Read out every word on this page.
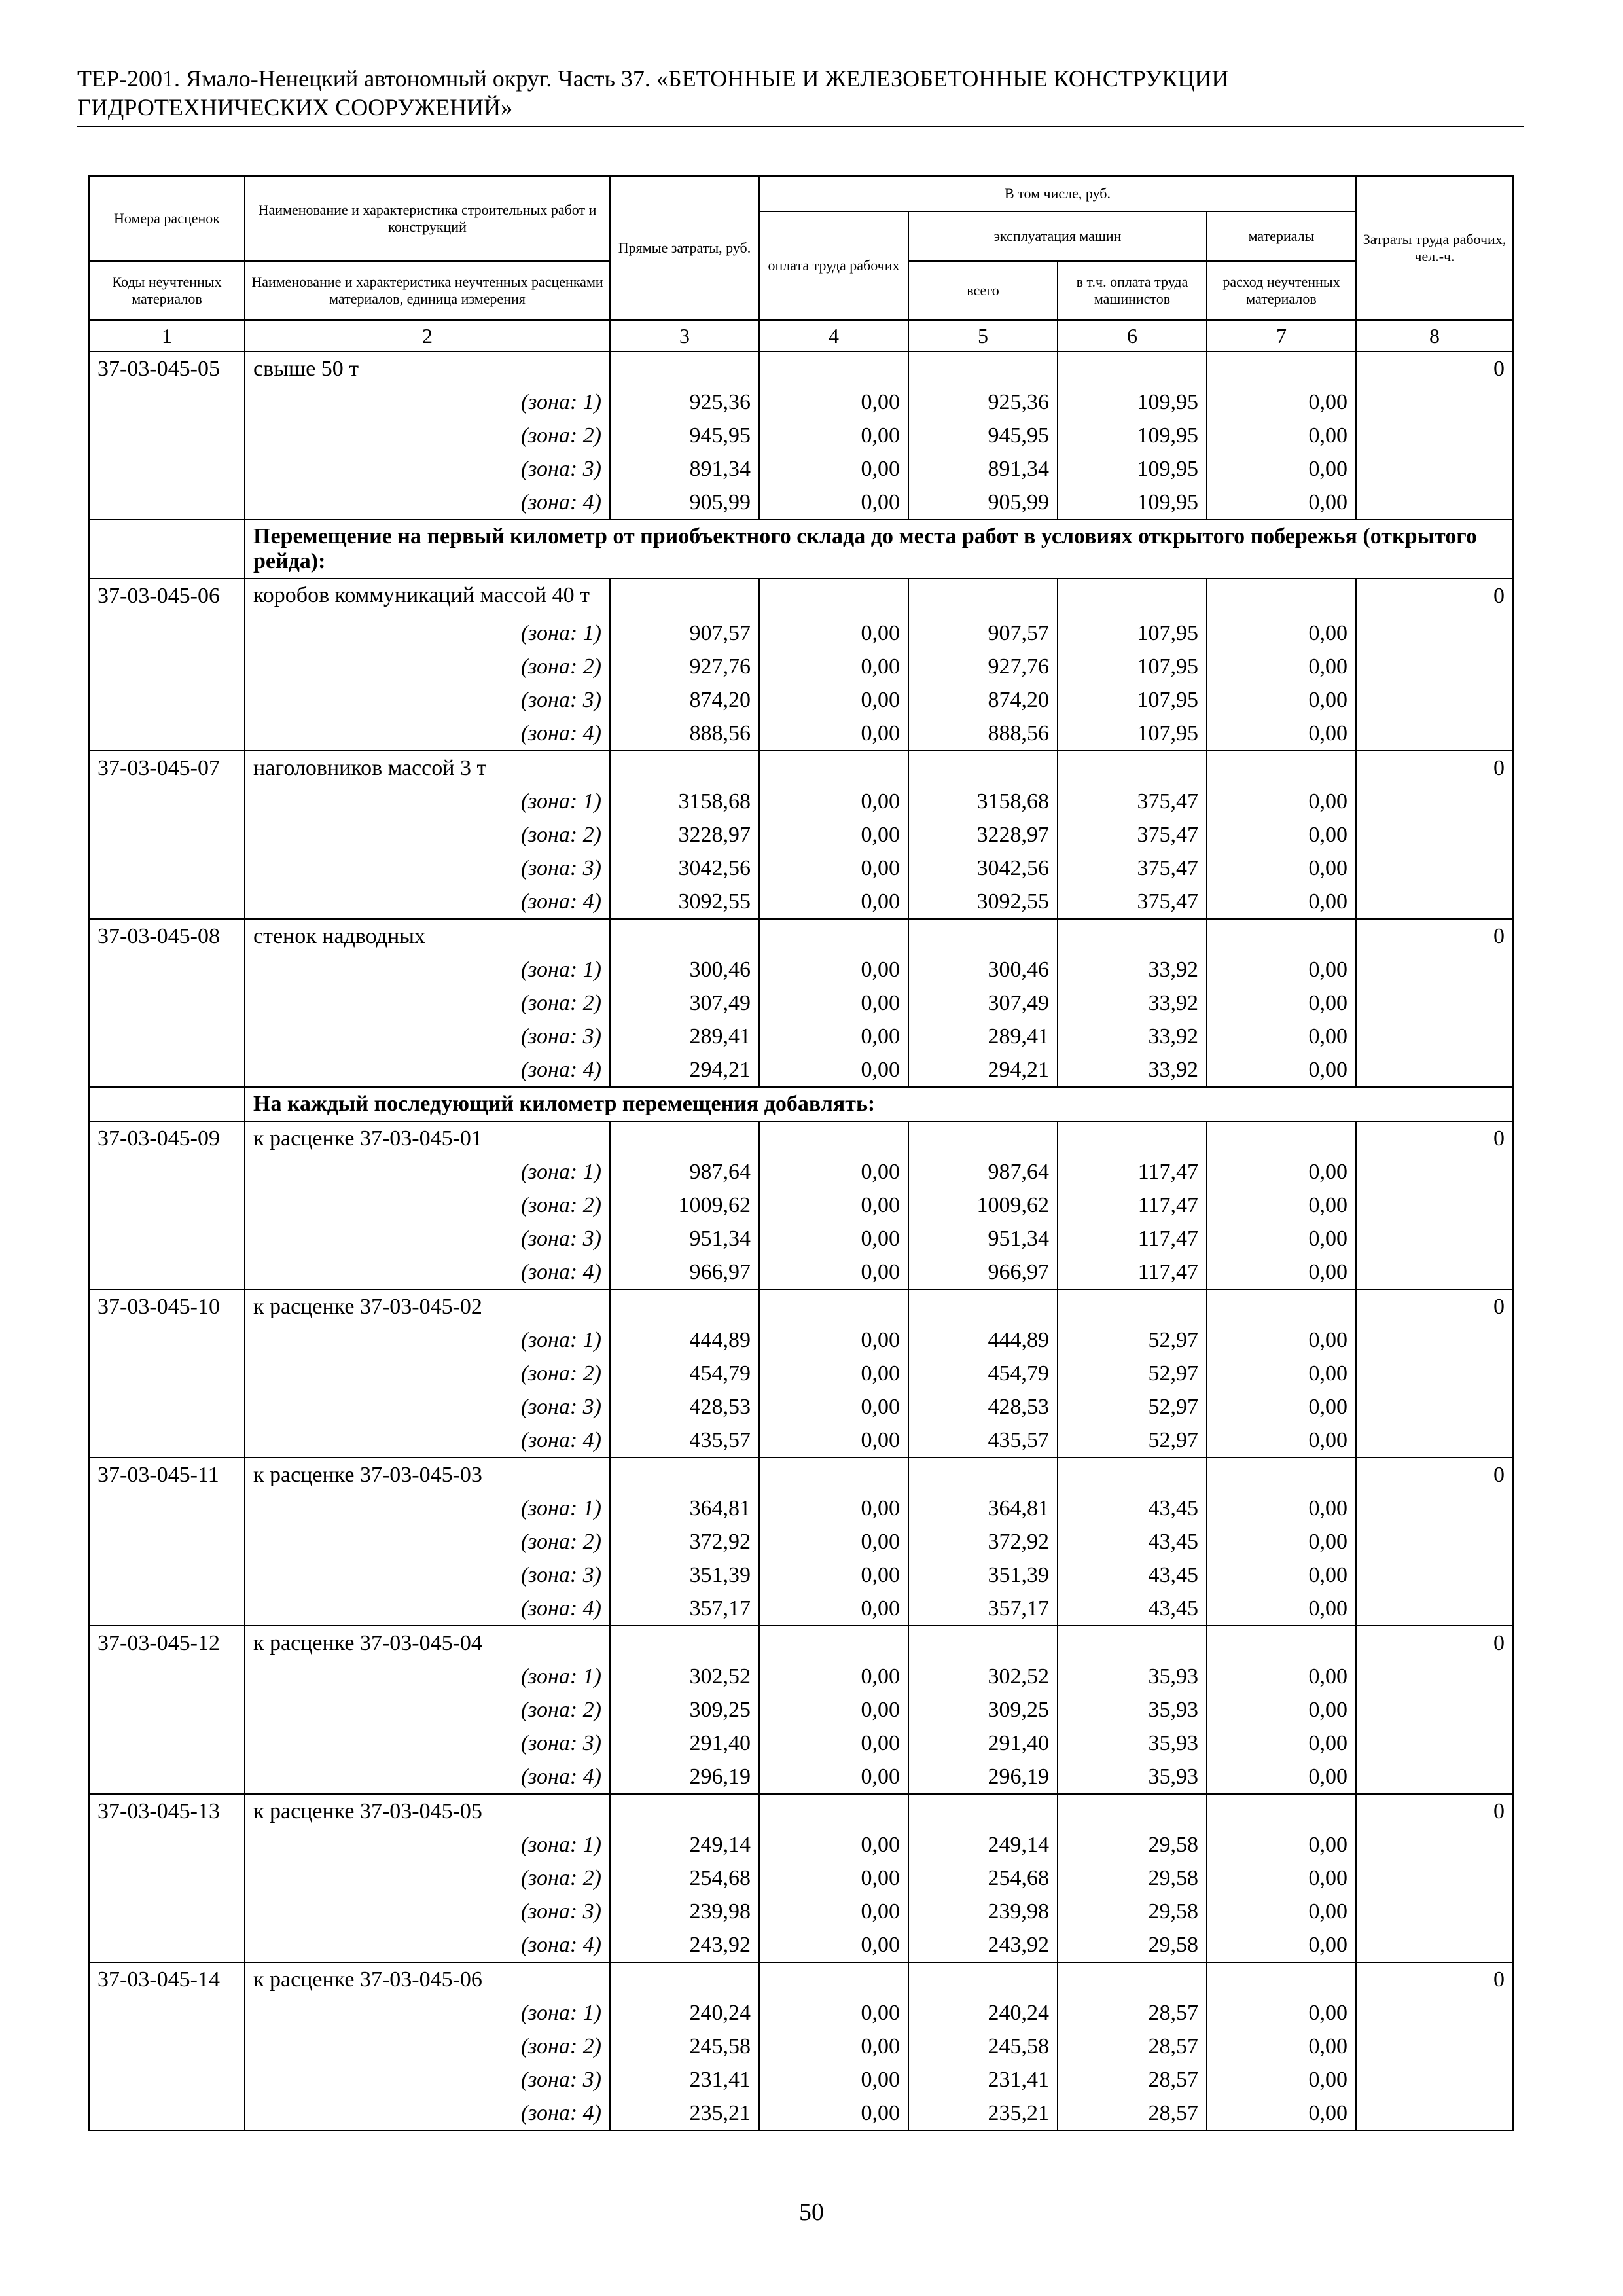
ТЕР-2001. Ямало-Ненецкий автономный округ. Часть 37. «БЕТОННЫЕ И ЖЕЛЕЗОБЕТОННЫЕ КОНСТРУКЦИИ
ГИДРОТЕХНИЧЕСКИХ СООРУЖЕНИЙ»
Номера расценок	Наименование и характеристика строительных работ и конструкций	Прямые затраты, руб.	В том числе, руб.				Затраты труда рабочих, чел.-ч.
			оплата труда рабочих	эксплуатация машин		материалы	
Коды неучтенных материалов	Наименование и характеристика неучтенных расценками материалов, единица измерения			всего	в т.ч. оплата труда машинистов	расход неучтенных материалов	
1	2	3	4	5	6	7	8
37-03-045-05	свыше 50 т						0
	(зона: 1)	925,36	0,00	925,36	109,95	0,00	
	(зона: 2)	945,95	0,00	945,95	109,95	0,00	
	(зона: 3)	891,34	0,00	891,34	109,95	0,00	
	(зона: 4)	905,99	0,00	905,99	109,95	0,00	
	Перемещение на первый километр от приобъектного склада до места работ в условиях открытого побережья (открытого рейда):						
37-03-045-06	коробов коммуникаций массой 40 т						0
	(зона: 1)	907,57	0,00	907,57	107,95	0,00	
	(зона: 2)	927,76	0,00	927,76	107,95	0,00	
	(зона: 3)	874,20	0,00	874,20	107,95	0,00	
	(зона: 4)	888,56	0,00	888,56	107,95	0,00	
37-03-045-07	наголовников массой 3 т						0
	(зона: 1)	3158,68	0,00	3158,68	375,47	0,00	
	(зона: 2)	3228,97	0,00	3228,97	375,47	0,00	
	(зона: 3)	3042,56	0,00	3042,56	375,47	0,00	
	(зона: 4)	3092,55	0,00	3092,55	375,47	0,00	
37-03-045-08	стенок надводных						0
	(зона: 1)	300,46	0,00	300,46	33,92	0,00	
	(зона: 2)	307,49	0,00	307,49	33,92	0,00	
	(зона: 3)	289,41	0,00	289,41	33,92	0,00	
	(зона: 4)	294,21	0,00	294,21	33,92	0,00	
	На каждый последующий километр перемещения добавлять:						
37-03-045-09	к расценке 37-03-045-01						0
	(зона: 1)	987,64	0,00	987,64	117,47	0,00	
	(зона: 2)	1009,62	0,00	1009,62	117,47	0,00	
	(зона: 3)	951,34	0,00	951,34	117,47	0,00	
	(зона: 4)	966,97	0,00	966,97	117,47	0,00	
37-03-045-10	к расценке 37-03-045-02						0
	(зона: 1)	444,89	0,00	444,89	52,97	0,00	
	(зона: 2)	454,79	0,00	454,79	52,97	0,00	
	(зона: 3)	428,53	0,00	428,53	52,97	0,00	
	(зона: 4)	435,57	0,00	435,57	52,97	0,00	
37-03-045-11	к расценке 37-03-045-03						0
	(зона: 1)	364,81	0,00	364,81	43,45	0,00	
	(зона: 2)	372,92	0,00	372,92	43,45	0,00	
	(зона: 3)	351,39	0,00	351,39	43,45	0,00	
	(зона: 4)	357,17	0,00	357,17	43,45	0,00	
37-03-045-12	к расценке 37-03-045-04						0
	(зона: 1)	302,52	0,00	302,52	35,93	0,00	
	(зона: 2)	309,25	0,00	309,25	35,93	0,00	
	(зона: 3)	291,40	0,00	291,40	35,93	0,00	
	(зона: 4)	296,19	0,00	296,19	35,93	0,00	
37-03-045-13	к расценке 37-03-045-05						0
	(зона: 1)	249,14	0,00	249,14	29,58	0,00	
	(зона: 2)	254,68	0,00	254,68	29,58	0,00	
	(зона: 3)	239,98	0,00	239,98	29,58	0,00	
	(зона: 4)	243,92	0,00	243,92	29,58	0,00	
37-03-045-14	к расценке 37-03-045-06						0
	(зона: 1)	240,24	0,00	240,24	28,57	0,00	
	(зона: 2)	245,58	0,00	245,58	28,57	0,00	
	(зона: 3)	231,41	0,00	231,41	28,57	0,00	
	(зона: 4)	235,21	0,00	235,21	28,57	0,00	
50
